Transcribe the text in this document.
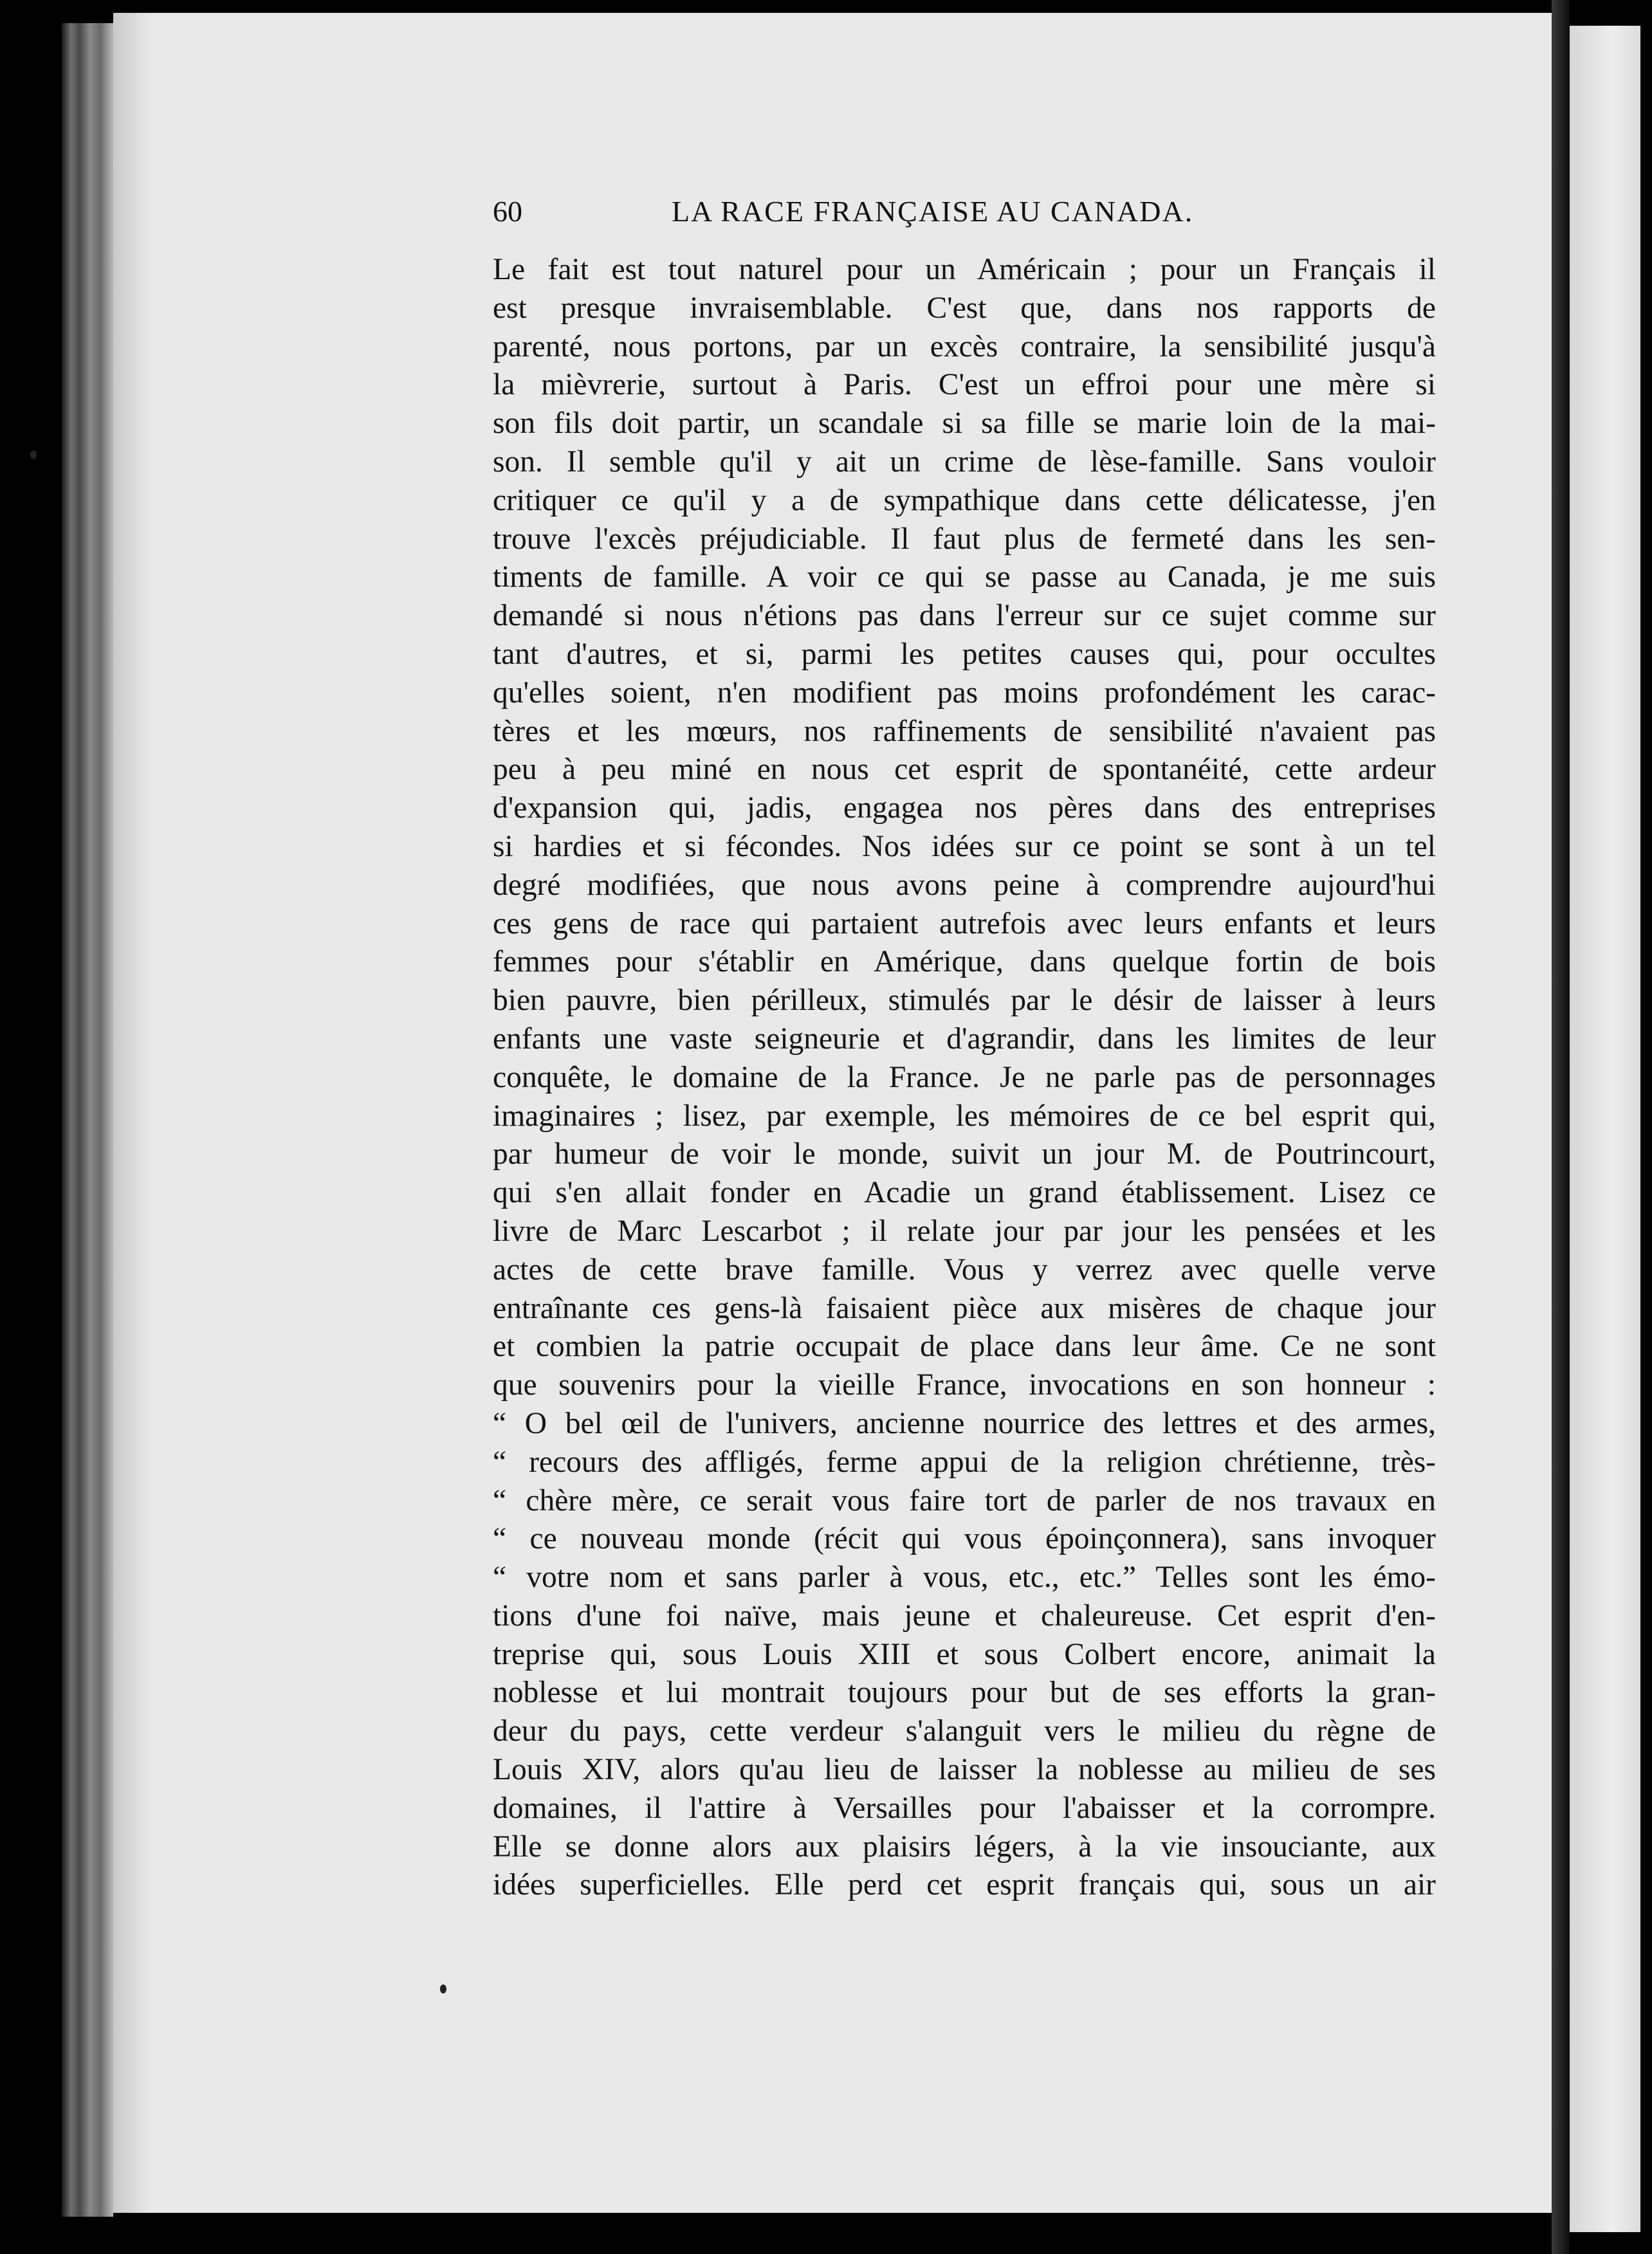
60	LA RACE FRANÇAISE AU CANADA.
Le fait est tout naturel pour un Américain ; pour un Français il
est presque invraisemblable. C'est que, dans nos rapports de
parenté, nous portons, par un excès contraire, la sensibilité jusqu'à
la mièvrerie, surtout à Paris. C'est un effroi pour une mère si
son fils doit partir, un scandale si sa fille se marie loin de la mai-
son. Il semble qu'il y ait un crime de lèse-famille. Sans vouloir
critiquer ce qu'il y a de sympathique dans cette délicatesse, j'en
trouve l'excès préjudiciable. Il faut plus de fermeté dans les sen-
timents de famille. A voir ce qui se passe au Canada, je me suis
demandé si nous n'étions pas dans l'erreur sur ce sujet comme sur
tant d'autres, et si, parmi les petites causes qui, pour occultes
qu'elles soient, n'en modifient pas moins profondément les carac-
tères et les mœurs, nos raffinements de sensibilité n'avaient pas
peu à peu miné en nous cet esprit de spontanéité, cette ardeur
d'expansion qui, jadis, engagea nos pères dans des entreprises
si hardies et si fécondes. Nos idées sur ce point se sont à un tel
degré modifiées, que nous avons peine à comprendre aujourd'hui
ces gens de race qui partaient autrefois avec leurs enfants et leurs
femmes pour s'établir en Amérique, dans quelque fortin de bois
bien pauvre, bien périlleux, stimulés par le désir de laisser à leurs
enfants une vaste seigneurie et d'agrandir, dans les limites de leur
conquête, le domaine de la France. Je ne parle pas de personnages
imaginaires ; lisez, par exemple, les mémoires de ce bel esprit qui,
par humeur de voir le monde, suivit un jour M. de Poutrincourt,
qui s'en allait fonder en Acadie un grand établissement. Lisez ce
livre de Marc Lescarbot ; il relate jour par jour les pensées et les
actes de cette brave famille. Vous y verrez avec quelle verve
entraînante ces gens-là faisaient pièce aux misères de chaque jour
et combien la patrie occupait de place dans leur âme. Ce ne sont
que souvenirs pour la vieille France, invocations en son honneur :
“ O bel œil de l'univers, ancienne nourrice des lettres et des armes,
“ recours des affligés, ferme appui de la religion chrétienne, très-
“ chère mère, ce serait vous faire tort de parler de nos travaux en
“ ce nouveau monde (récit qui vous époinçonnera), sans invoquer
“ votre nom et sans parler à vous, etc., etc.” Telles sont les émo-
tions d'une foi naïve, mais jeune et chaleureuse. Cet esprit d'en-
treprise qui, sous Louis XIII et sous Colbert encore, animait la
noblesse et lui montrait toujours pour but de ses efforts la gran-
deur du pays, cette verdeur s'alanguit vers le milieu du règne de
Louis XIV, alors qu'au lieu de laisser la noblesse au milieu de ses
domaines, il l'attire à Versailles pour l'abaisser et la corrompre.
Elle se donne alors aux plaisirs légers, à la vie insouciante, aux
idées superficielles. Elle perd cet esprit français qui, sous un air
